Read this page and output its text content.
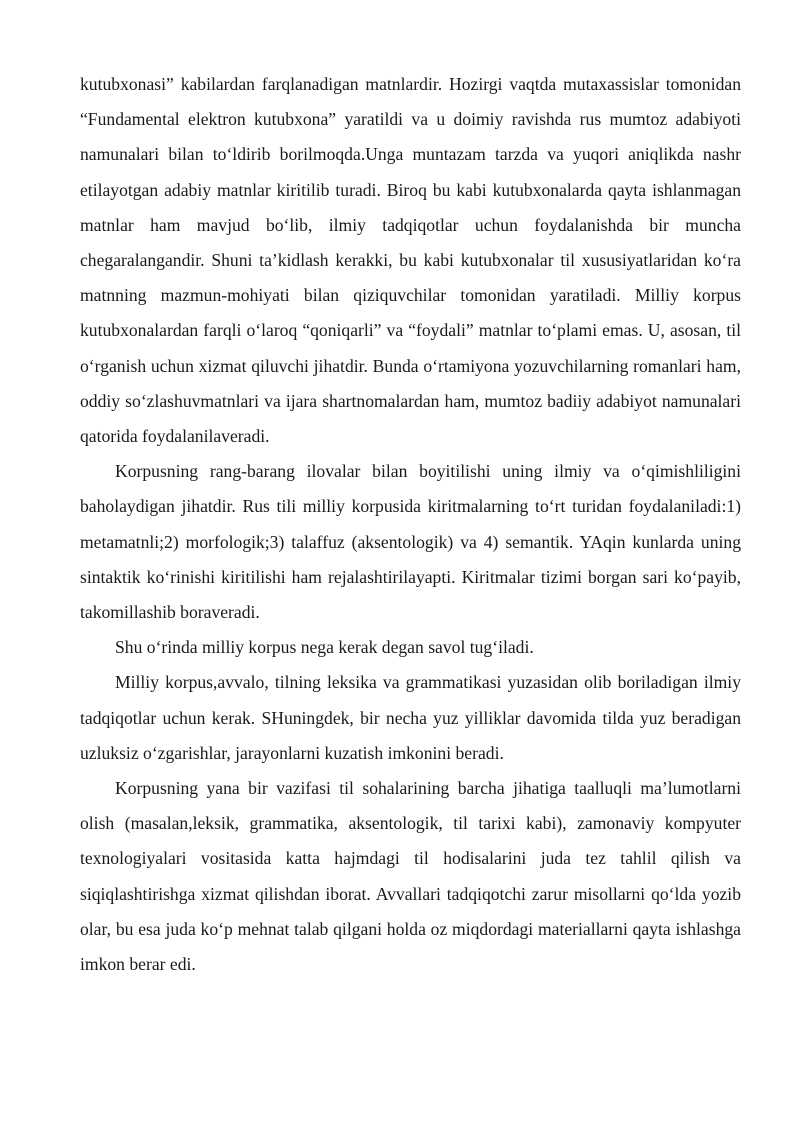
kutubxonasi” kabilardan farqlanadigan matnlardir. Hozirgi vaqtda mutaxassislar tomonidan “Fundamental elektron kutubxona” yaratildi va u doimiy ravishda rus mumtoz adabiyoti namunalari bilan to‘ldirib borilmoqda.Unga muntazam tarzda va yuqori aniqlikda nashr etilayotgan adabiy matnlar kiritilib turadi. Biroq bu kabi kutubxonalarda qayta ishlanmagan matnlar ham mavjud bo‘lib, ilmiy tadqiqotlar uchun foydalanishda bir muncha chegaralangandir. Shuni ta’kidlash kerakki, bu kabi kutubxonalar til xususiyatlaridan ko‘ra matnning mazmun-mohiyati bilan qiziquvchilar tomonidan yaratiladi. Milliy korpus kutubxonalardan farqli o‘laroq “qoniqarli” va “foydali” matnlar to‘plami emas. U, asosan, til o‘rganish uchun xizmat qiluvchi jihatdir. Bunda o‘rtamiyona yozuvchilarning romanlari ham, oddiy so‘zlashuvmatnlari va ijara shartnomalardan ham, mumtoz badiiy adabiyot namunalari qatorida foydalanilaveradi.

Korpusning rang-barang ilovalar bilan boyitilishi uning ilmiy va o‘qimishliligini baholaydigan jihatdir. Rus tili milliy korpusida kiritmalarning to‘rt turidan foydalaniladi:1) metamatnli;2) morfologik;3) talaffuz (aksentologik) va 4) semantik. YAqin kunlarda uning sintaktik ko‘rinishi kiritilishi ham rejalashtirilayapti. Kiritmalar tizimi borgan sari ko‘payib, takomillashib boraveradi.

Shu o‘rinda milliy korpus nega kerak degan savol tug‘iladi.

Milliy korpus,avvalo, tilning leksika va grammatikasi yuzasidan olib boriladigan ilmiy tadqiqotlar uchun kerak. SHuningdek, bir necha yuz yilliklar davomida tilda yuz beradigan uzluksiz o‘zgarishlar, jarayonlarni kuzatish imkonini beradi.

Korpusning yana bir vazifasi til sohalarining barcha jihatiga taalluqli ma’lumotlarni olish (masalan,leksik, grammatika, aksentologik, til tarixi kabi), zamonaviy kompyuter texnologiyalari vositasida katta hajmdagi til hodisalarini juda tez tahlil qilish va siqiqlashtirishga xizmat qilishdan iborat. Avvallari tadqiqotchi zarur misollarni qo‘lda yozib olar, bu esa juda ko‘p mehnat talab qilgani holda oz miqdordagi materiallarni qayta ishlashga imkon berar edi.
